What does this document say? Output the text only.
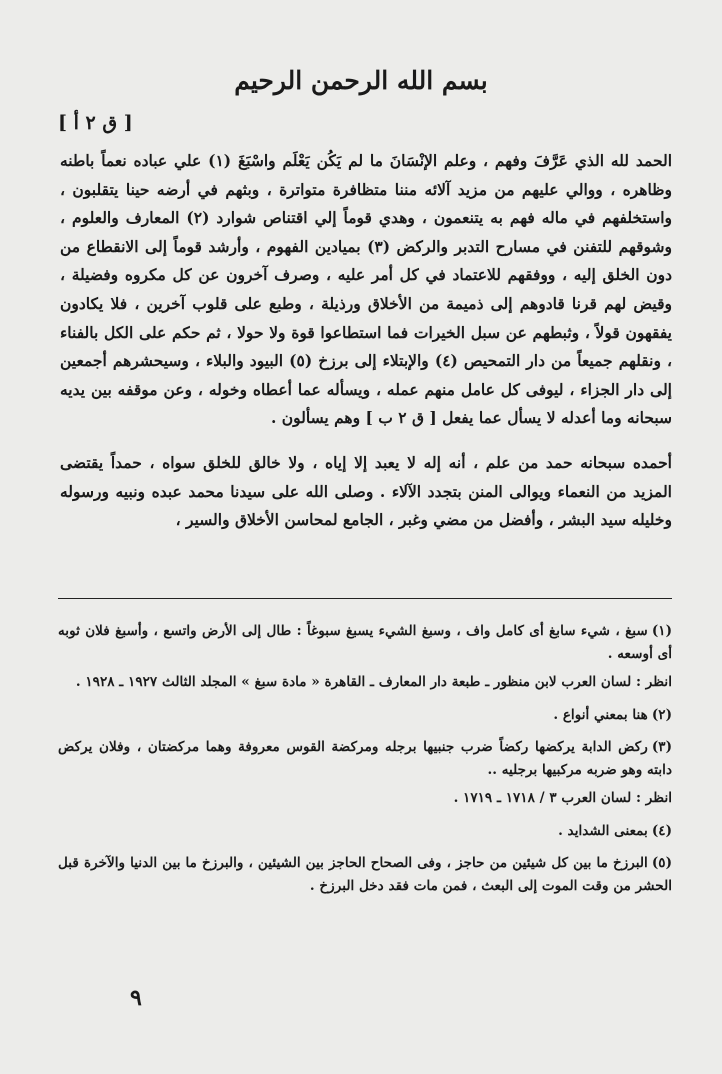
بسم الله الرحمن الرحيم
[ ق ٢ أ ]

الحمد لله الذي عَرَّفَ وفهم ، وعلم الإنْسَانَ ما لم يَكُن يَعْلَم واسْبَغَ (١) علي عباده نعماً باطنه وظاهره ، ووالي عليهم من مزيد آلائه مننا متظافرة متواترة ، وبثهم في أرضه حينا يتقلبون ، واستخلفهم في ماله فهم به يتنعمون ، وهدي قوماً إلي اقتناص شوارد (٢) المعارف والعلوم ، وشوقهم للتفنن في مسارح التدبر والركض (٣) بميادين الفهوم ، وأرشد قوماً إلى الانقطاع من دون الخلق إليه ، ووفقهم للاعتماد في كل أمر عليه ، وصرف آخرون عن كل مكروه وفضيلة ، وقيض لهم قرنا قادوهم إلى ذميمة من الأخلاق ورذيلة ، وطبع على قلوب آخرين ، فلا يكادون يفقهون قولاً ، وثبطهم عن سبل الخيرات فما استطاعوا قوة ولا حولا ، ثم حكم على الكل بالفناء ، ونقلهم جميعاً من دار التمحيص (٤) والإبتلاء إلى برزخ (٥) البيود والبلاء ، وسيحشرهم أجمعين إلى دار الجزاء ، ليوفى كل عامل منهم عمله ، ويسأله عما أعطاه وخوله ، وعن موقفه بين يديه سبحانه وما أعدله لا يسأل عما يفعل [ ق ٢ ب ] وهم يسألون .

أحمده سبحانه حمد من علم ، أنه إله لا يعبد إلا إياه ، ولا خالق للخلق سواه ، حمداً يقتضى المزيد من النعماء ويوالى المنن بتجدد الآلاء . وصلى الله على سيدنا محمد عبده ونبيه ورسوله وخليله سيد البشر ، وأفضل من مضي وغبر ، الجامع لمحاسن الأخلاق والسير ،

(١)سبغ ، شيء سابغ أى كامل واف ، وسبغ الشيء يسبغ سبوغاً : طال إلى الأرض واتسع ، وأسبغ فلان ثوبه أى أوسعه .

انظر : لسان العرب لابن منظور ـ طبعة دار المعارف ـ القاهرة « مادة سبغ » المجلد الثالث ١٩٢٧ ـ ١٩٢٨ .

(٢)هنا بمعني أنواع .

(٣)ركض الدابة يركضها ركضاً ضرب جنبيها برجله ومركضة القوس معروفة وهما مركضتان ، وفلان يركض دابته وهو ضربه مركبيها برجليه ..

انظر : لسان العرب ٣ / ١٧١٨ ـ ١٧١٩ .

(٤)بمعنى الشدايد .

(٥)البرزخ ما بين كل شيئين من حاجز ، وفى الصحاح الحاجز بين الشيئين ، والبرزخ ما بين الدنيا والآخرة قبل الحشر من وقت الموت إلى البعث ، فمن مات فقد دخل البرزخ .

٩
